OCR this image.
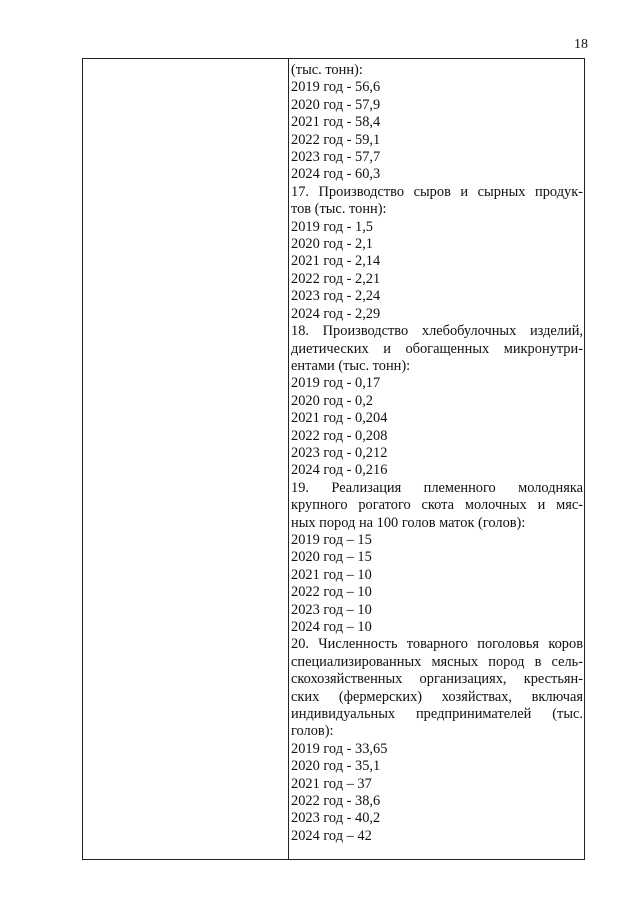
18
(тыс. тонн):
2019 год - 56,6
2020 год - 57,9
2021 год - 58,4
2022 год - 59,1
2023 год - 57,7
2024 год - 60,3
17. Производство сыров и сырных продук-
тов (тыс. тонн):
2019 год - 1,5
2020 год - 2,1
2021 год - 2,14
2022 год - 2,21
2023 год - 2,24
2024 год - 2,29
18. Производство хлебобулочных изделий,
диетических и обогащенных микронутри-
ентами (тыс. тонн):
2019 год - 0,17
2020 год - 0,2
2021 год - 0,204
2022 год - 0,208
2023 год - 0,212
2024 год - 0,216
19. Реализация племенного молодняка
крупного рогатого скота молочных и мяс-
ных пород на 100 голов маток (голов):
2019 год – 15
2020 год – 15
2021 год – 10
2022 год – 10
2023 год – 10
2024 год – 10
20. Численность товарного поголовья коров
специализированных мясных пород в сель-
скохозяйственных организациях, крестьян-
ских (фермерских) хозяйствах, включая
индивидуальных предпринимателей (тыс.
голов):
2019 год - 33,65
2020 год - 35,1
2021 год – 37
2022 год - 38,6
2023 год - 40,2
2024 год – 42
